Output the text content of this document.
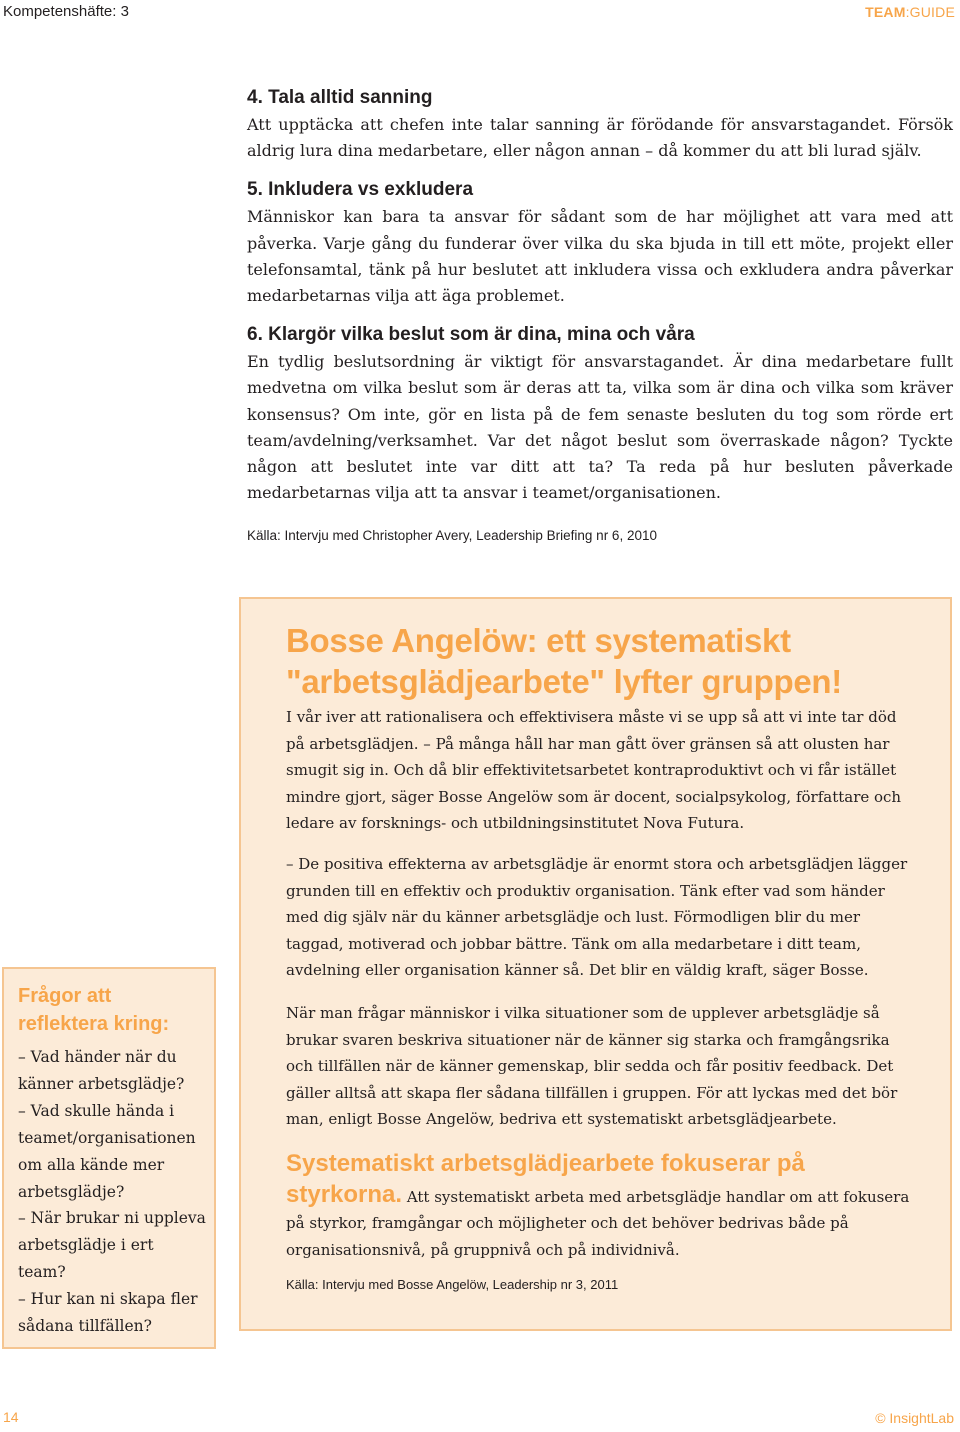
Kompetenshäfte: 3	TEAM:GUIDE
4. Tala alltid sanning

Att upptäcka att chefen inte talar sanning är förödande för ansvarstagandet. Försök aldrig lura dina medarbetare, eller någon annan – då kommer du att bli lurad själv.

5. Inkludera vs exkludera

Människor kan bara ta ansvar för sådant som de har möjlighet att vara med att påverka. Varje gång du funderar över vilka du ska bjuda in till ett möte, projekt eller telefonsamtal, tänk på hur beslutet att inkludera vissa och exkludera andra påverkar medarbetarnas vilja att äga problemet.

6. Klargör vilka beslut som är dina, mina och våra

En tydlig beslutsordning är viktigt för ansvarstagandet. Är dina medarbetare fullt medvetna om vilka beslut som är deras att ta, vilka som är dina och vilka som kräver konsensus? Om inte, gör en lista på de fem senaste besluten du tog som rörde ert team/avdelning/verksamhet. Var det något beslut som överraskade någon? Tyckte någon att beslutet inte var ditt att ta? Ta reda på hur besluten påverkade medarbetarnas vilja att ta ansvar i teamet/organisationen.

Källa: Intervju med Christopher Avery, Leadership Briefing nr 6, 2010
Bosse Angelöw: ett systematiskt
"arbetsglädjearbete" lyfter gruppen!

I vår iver att rationalisera och effektivisera måste vi se upp så att vi inte tar död på arbetsglädjen. – På många håll har man gått över gränsen så att olusten har smugit sig in. Och då blir effektivitetsarbetet kontraproduktivt och vi får istället mindre gjort, säger Bosse Angelöw som är docent, socialpsykolog, författare och ledare av forsknings- och utbildningsinstitutet Nova Futura.

– De positiva effekterna av arbetsglädje är enormt stora och arbetsglädjen lägger grunden till en effektiv och produktiv organisation. Tänk efter vad som händer med dig själv när du känner arbetsglädje och lust. Förmodligen blir du mer taggad, motiverad och jobbar bättre. Tänk om alla medarbetare i ditt team, avdelning eller organisation känner så. Det blir en väldig kraft, säger Bosse.

När man frågar människor i vilka situationer som de upplever arbetsglädje så brukar svaren beskriva situationer när de känner sig starka och framgångsrika och tillfällen när de känner gemenskap, blir sedda och får positiv feedback. Det gäller alltså att skapa fler sådana tillfällen i gruppen. För att lyckas med det bör man, enligt Bosse Angelöw, bedriva ett systematiskt arbetsglädjearbete.

Systematiskt arbetsglädjearbete fokuserar på styrkorna. Att systematiskt arbeta med arbetsglädje handlar om att fokusera på styrkor, framgångar och möjligheter och det behöver bedrivas både på organisationsnivå, på gruppnivå och på individnivå.

Källa: Intervju med Bosse Angelöw, Leadership nr 3, 2011
Frågor att reflektera kring:

– Vad händer när du känner arbetsglädje?

– Vad skulle hända i teamet/organisationen om alla kände mer arbetsglädje?

– När brukar ni uppleva arbetsglädje i ert team?

– Hur kan ni skapa fler sådana tillfällen?

14	© InsightLab
